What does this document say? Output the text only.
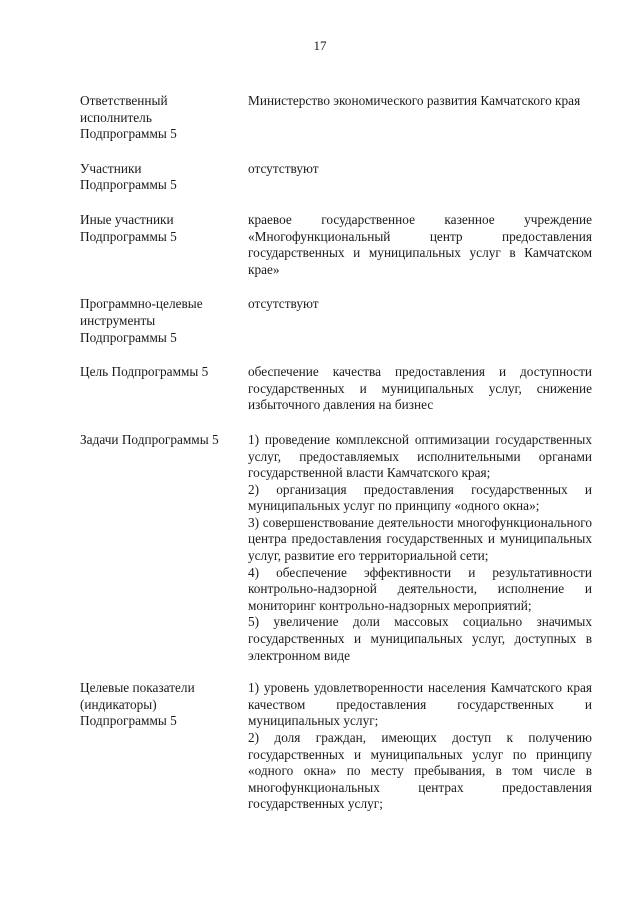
17
Ответственный
исполнитель
Подпрограммы 5

Министерство экономического развития Камчатского края

Участники
Подпрограммы 5

отсутствуют

Иные участники
Подпрограммы 5

краевое государственное казенное учреждение «Многофункциональный центр предоставления государственных и муниципальных услуг в Камчатском крае»

Программно-целевые
инструменты
Подпрограммы 5

отсутствуют

Цель Подпрограммы 5	обеспечение качества предоставления и доступности государственных и муниципальных услуг, снижение избыточного давления на бизнес

Задачи Подпрограммы 5	1) проведение комплексной оптимизации государственных услуг, предоставляемых исполнительными органами государственной власти Камчатского края;

2) организация предоставления государственных и муниципальных услуг по принципу «одного окна»;

3) совершенствование деятельности многофункционального центра предоставления государственных и муниципальных услуг, развитие его территориальной сети;

4) обеспечение эффективности и результативности контрольно-надзорной деятельности, исполнение и мониторинг контрольно-надзорных мероприятий;

5) увеличение доли массовых социально значимых государственных и муниципальных услуг, доступных в электронном виде

Целевые показатели
(индикаторы)
Подпрограммы 5

1) уровень удовлетворенности населения Камчатского края качеством предоставления государственных и муниципальных услуг;

2) доля граждан, имеющих доступ к получению государственных и муниципальных услуг по принципу «одного окна» по месту пребывания, в том числе в многофункциональных центрах предоставления государственных услуг;
